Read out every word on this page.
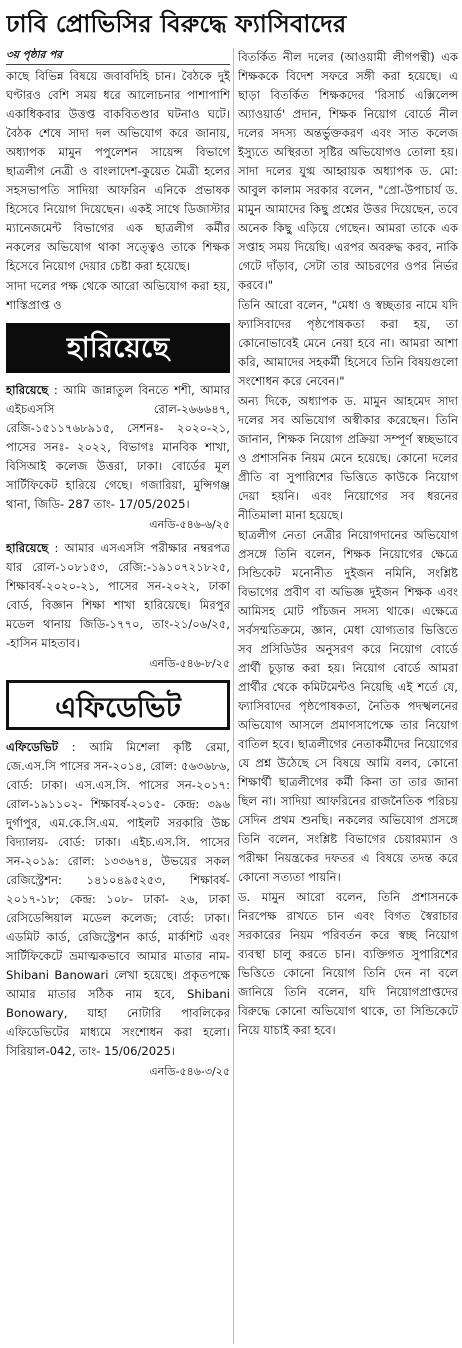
ঢাবি প্রোভিসির বিরুদ্ধে ফ্যাসিবাদের
৩য় পৃষ্ঠার পর

কাছে বিভিন্ন বিষয়ে জবাবদিহি চান। বৈঠকে দুই ঘণ্টারও বেশি সময় ধরে আলোচনার পাশাপাশি একাধিকবার উত্তপ্ত বাকবিতণ্ডার ঘটনাও ঘটে। বৈঠক শেষে সাদা দল অভিযোগ করে জানায়, অধ্যাপক মামুন পপুলেশন সায়েন্স বিভাগে ছাত্রলীগ নেত্রী ও বাংলাদেশ-কুয়েত মৈত্রী হলের সহসভাপতি সাদিয়া আফরিন এনিকে প্রভাষক হিসেবে নিয়োগ দিয়েছেন। একই সাথে ডিজাস্টার ম্যানেজমেন্ট বিভাগের এক ছাত্রলীগ কর্মীর নকলের অভিযোগ থাকা সত্ত্বেও তাকে শিক্ষক হিসেবে নিয়োগ দেয়ার চেষ্টা করা হয়েছে।

সাদা দলের পক্ষ থেকে আরো অভিযোগ করা হয়, শাস্তিপ্রাপ্ত ও

হারিয়েছে

হারিয়েছে : আমি জান্নাতুল বিনতে শশী, আমার এইচএসসি রোল-২৬৬৬৪৭, রেজি-১৫১১৭৬৮৯১৫, সেশনঃ- ২০২০-২১, পাসের সনঃ- ২০২২, বিভাগঃ মানবিক শাখা, বিসিআই কলেজ উত্তরা, ঢাকা। বোর্ডের মূল সার্টিফিকেট হারিয়ে গেছে। গজারিয়া, মুন্সিগঞ্জ থানা, জিডি- 287 তাং- 17/05/2025।

এনডি-৫৪৬-৬/২৫

হারিয়েছে : আমার এসএসসি পরীক্ষার নম্বরপত্র যার রোল-১০৮১৫৩, রেজি:-১৯১০৭২১৮২৫, শিক্ষাবর্ষ-২০২০-২১, পাসের সন-২০২২, ঢাকা বোর্ড, বিজ্ঞান শিক্ষা শাখা হারিয়েছে। মিরপুর মডেল থানায় জিডি-১৭৭০, তাং-২১/০৬/২৫, -হাসিন মাহতাব।

এনডি-৫৪৬-৮/২৫
এফিডেভিট

এফিডেভিট : আমি মিশেলা কৃষ্টি রেমা, জে.এস.সি পাসের সন-২০১৪, রোল: ৫৬৩৬৮৬, বোর্ড: ঢাকা। এস.এস.সি. পাসের সন-২০১৭: রোল-১৯১১০২- শিক্ষাবর্ষ-২০১৫- কেন্দ্র: ৩৯৬ দুর্গাপুর, এম.কে.সি.এম. পাইলট সরকারি উচ্চ বিদ্যালয়- বোর্ড: ঢাকা। এইচ.এস.সি. পাসের সন-২০১৯: রোল: ১৩৩৬৭৪, উভয়ের সকল রেজিস্ট্রেশন: ১৪১০৪৯৫২৫৩, শিক্ষাবর্ষ- ২০১৭-১৮; কেন্দ্র: ১০৮- ঢাকা- ২৬, ঢাকা রেসিডেন্সিয়াল মডেল কলেজ; বোর্ড: ঢাকা। এডমিট কার্ড, রেজিস্ট্রেশন কার্ড, মার্কশিট এবং সার্টিফিকেটে ভ্রমাত্মকভাবে আমার মাতার নাম- Shibani Banowari লেখা হয়েছে। প্রকৃতপক্ষে আমার মাতার সঠিক নাম হবে, Shibani Bonowary, যাহা নোটারি পাবলিকের এফিডেভিটের মাধ্যমে সংশোধন করা হলো। সিরিয়াল-042, তাং- 15/06/2025।

এনডি-৫৪৬-৩/২৫

বিতর্কিত নীল দলের (আওয়ামী লীগপন্থী) এক শিক্ষককে বিদেশ সফরে সঙ্গী করা হয়েছে। এ ছাড়া বিতর্কিত শিক্ষকদের 'রিসার্চ এক্সিলেন্স অ্যাওয়ার্ড' প্রদান, শিক্ষক নিয়োগ বোর্ডে নীল দলের সদস্য অন্তর্ভুক্তকরণ এবং সাত কলেজ ইস্যুতে অস্থিরতা সৃষ্টির অভিযোগও তোলা হয়। সাদা দলের যুগ্ম আহ্বায়ক অধ্যাপক ড. মো: আবুল কালাম সরকার বলেন, "প্রো-উপাচার্য ড. মামুন আমাদের কিছু প্রশ্নের উত্তর দিয়েছেন, তবে অনেক কিছু এড়িয়ে গেছেন। আমরা তাকে এক সপ্তাহ সময় দিয়েছি। এরপর অবরুদ্ধ করব, নাকি গেটে দাঁড়াব, সেটা তার আচরণের ওপর নির্ভর করবে।"

তিনি আরো বলেন, "মেধা ও স্বচ্ছতার নামে যদি ফ্যাসিবাদের পৃষ্ঠপোষকতা করা হয়, তা কোনোভাবেই মেনে নেয়া হবে না। আমরা আশা করি, আমাদের সহকর্মী হিসেবে তিনি বিষয়গুলো সংশোধন করে নেবেন।"

অন্য দিকে, অধ্যাপক ড. মামুন আহমেদ সাদা দলের সব অভিযোগ অস্বীকার করেছেন। তিনি জানান, শিক্ষক নিয়োগ প্রক্রিয়া সম্পূর্ণ স্বচ্ছভাবে ও প্রশাসনিক নিয়ম মেনে হয়েছে। কোনো দলের প্রীতি বা সুপারিশের ভিত্তিতে কাউকে নিয়োগ দেয়া হয়নি। এবং নিয়োগের সব ধরনের নীতিমালা মানা হয়েছে।

ছাত্রলীগ নেতা নেত্রীর নিয়োগদানের অভিযোগ প্রসঙ্গে তিনি বলেন, শিক্ষক নিয়োগের ক্ষেত্রে সিন্ডিকেট মনোনীত দুইজন নমিনি, সংশ্লিষ্ট বিভাগের প্রবীণ বা অভিজ্ঞ দুইজন শিক্ষক এবং আমিসহ মোট পাঁচজন সদস্য থাকে। এক্ষেত্রে সর্বসম্মতিক্রমে, জ্ঞান, মেধা যোগ্যতার ভিত্তিতে সব প্রসিডিউর অনুসরণ করে নিয়োগ বোর্ডে প্রার্থী চূড়ান্ত করা হয়। নিয়োগ বোর্ডে আমরা প্রার্থীর থেকে কমিটমেন্টও নিয়েছি এই শর্তে যে, ফ্যাসিবাদের পৃষ্ঠপোষকতা, নৈতিক পদস্খলনের অভিযোগ আসলে প্রমাণসাপেক্ষে তার নিয়োগ বাতিল হবে। ছাত্রলীগের নেতাকর্মীদের নিয়োগের যে প্রশ্ন উঠেছে সে বিষয়ে আমি বলব, কোনো শিক্ষার্থী ছাত্রলীগের কর্মী কিনা তা তার জানা ছিল না। সাদিয়া আফরিনের রাজনৈতিক পরিচয় সেদিন প্রথম শুনছি। নকলের অভিযোগ প্রসঙ্গে তিনি বলেন, সংশ্লিষ্ট বিভাগের চেয়ারম্যান ও পরীক্ষা নিয়ন্ত্রকের দফতর এ বিষয়ে তদন্ত করে কোনো সত্যতা পায়নি।

ড. মামুন আরো বলেন, তিনি প্রশাসনকে নিরপেক্ষ রাখতে চান এবং বিগত স্বৈরাচার সরকারের নিয়ম পরিবর্তন করে স্বচ্ছ নিয়োগ ব্যবস্থা চালু করতে চান। ব্যক্তিগত সুপারিশের ভিত্তিতে কোনো নিয়োগ তিনি দেন না বলে জানিয়ে তিনি বলেন, যদি নিয়োগপ্রাপ্তদের বিরুদ্ধে কোনো অভিযোগ থাকে, তা সিন্ডিকেটে নিয়ে যাচাই করা হবে।
